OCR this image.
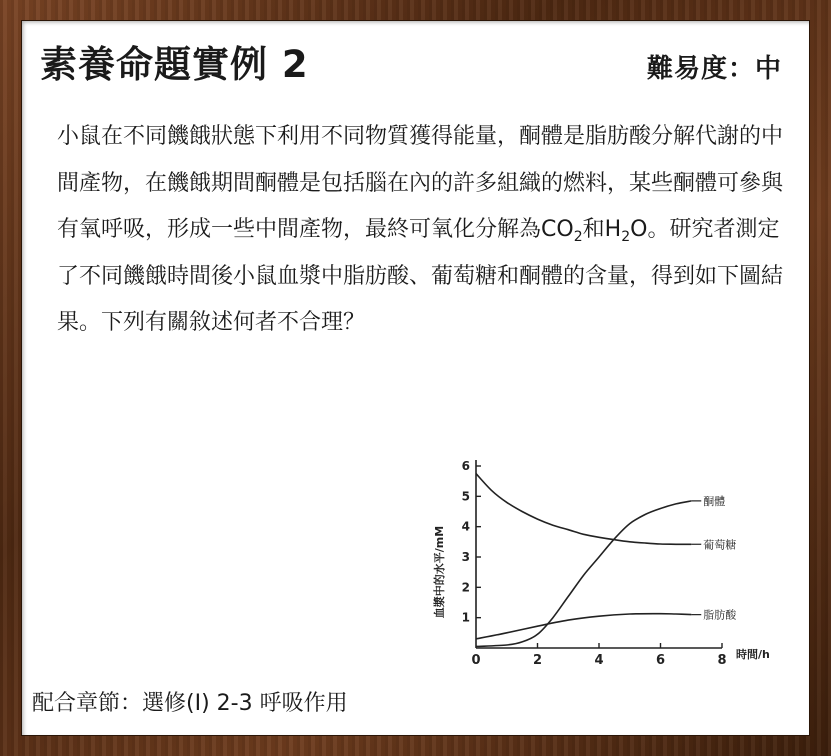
素養命題實例 2	難易度：中
小鼠在不同饑餓狀態下利用不同物質獲得能量，酮體是脂肪酸分解代謝的中間產物，在饑餓期間酮體是包括腦在內的許多組織的燃料，某些酮體可參與有氧呼吸，形成一些中間產物，最終可氧化分解為$CO_2$和$H_2O$。研究者測定了不同饑餓時間後小鼠血漿中脂肪酸、葡萄糖和酮體的含量，得到如下圖結果。下列有關敘述何者不合理？
0	2	4	6	8
1
2
3
4
5
6
酮體
葡萄糖
脂肪酸
時間/h
血漿中的水平/mM
配合章節：選修(I) 2-3 呼吸作用
